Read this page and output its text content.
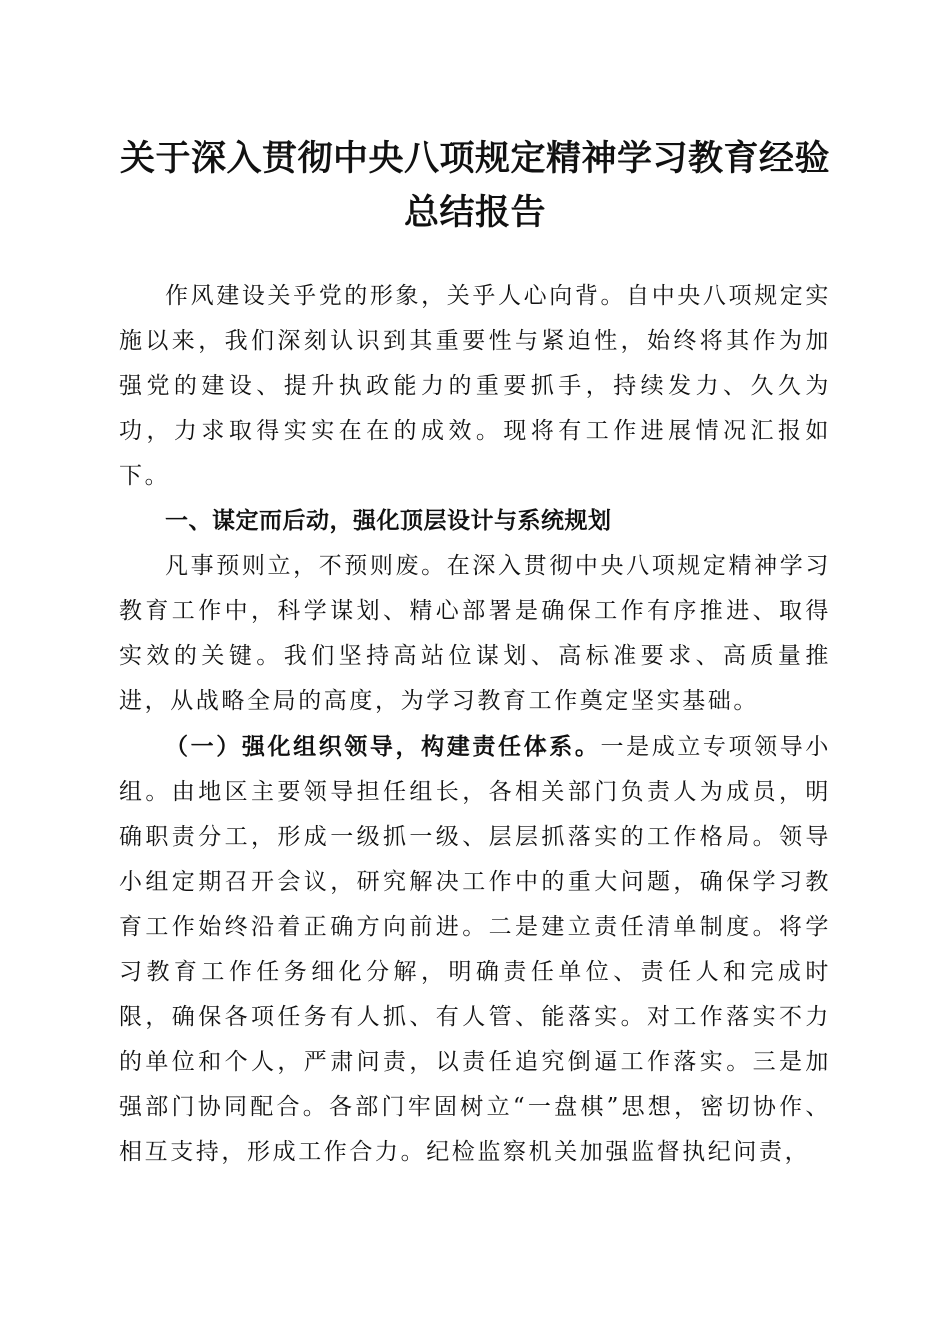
关于深入贯彻中央八项规定精神学习教育经验
总结报告

作风建设关乎党的形象，关乎人心向背。自中央八项规定实施以来，我们深刻认识到其重要性与紧迫性，始终将其作为加强党的建设、提升执政能力的重要抓手，持续发力、久久为功，力求取得实实在在的成效。现将有工作进展情况汇报如下。

一、谋定而后动，强化顶层设计与系统规划

凡事预则立，不预则废。在深入贯彻中央八项规定精神学习教育工作中，科学谋划、精心部署是确保工作有序推进、取得实效的关键。我们坚持高站位谋划、高标准要求、高质量推进，从战略全局的高度，为学习教育工作奠定坚实基础。

（一）强化组织领导，构建责任体系。一是成立专项领导小组。由地区主要领导担任组长，各相关部门负责人为成员，明确职责分工，形成一级抓一级、层层抓落实的工作格局。领导小组定期召开会议，研究解决工作中的重大问题，确保学习教育工作始终沿着正确方向前进。二是建立责任清单制度。将学习教育工作任务细化分解，明确责任单位、责任人和完成时限，确保各项任务有人抓、有人管、能落实。对工作落实不力的单位和个人，严肃问责，以责任追究倒逼工作落实。三是加强部门协同配合。各部门牢固树立“一盘棋”思想，密切协作、相互支持，形成工作合力。纪检监察机关加强监督执纪问责，
